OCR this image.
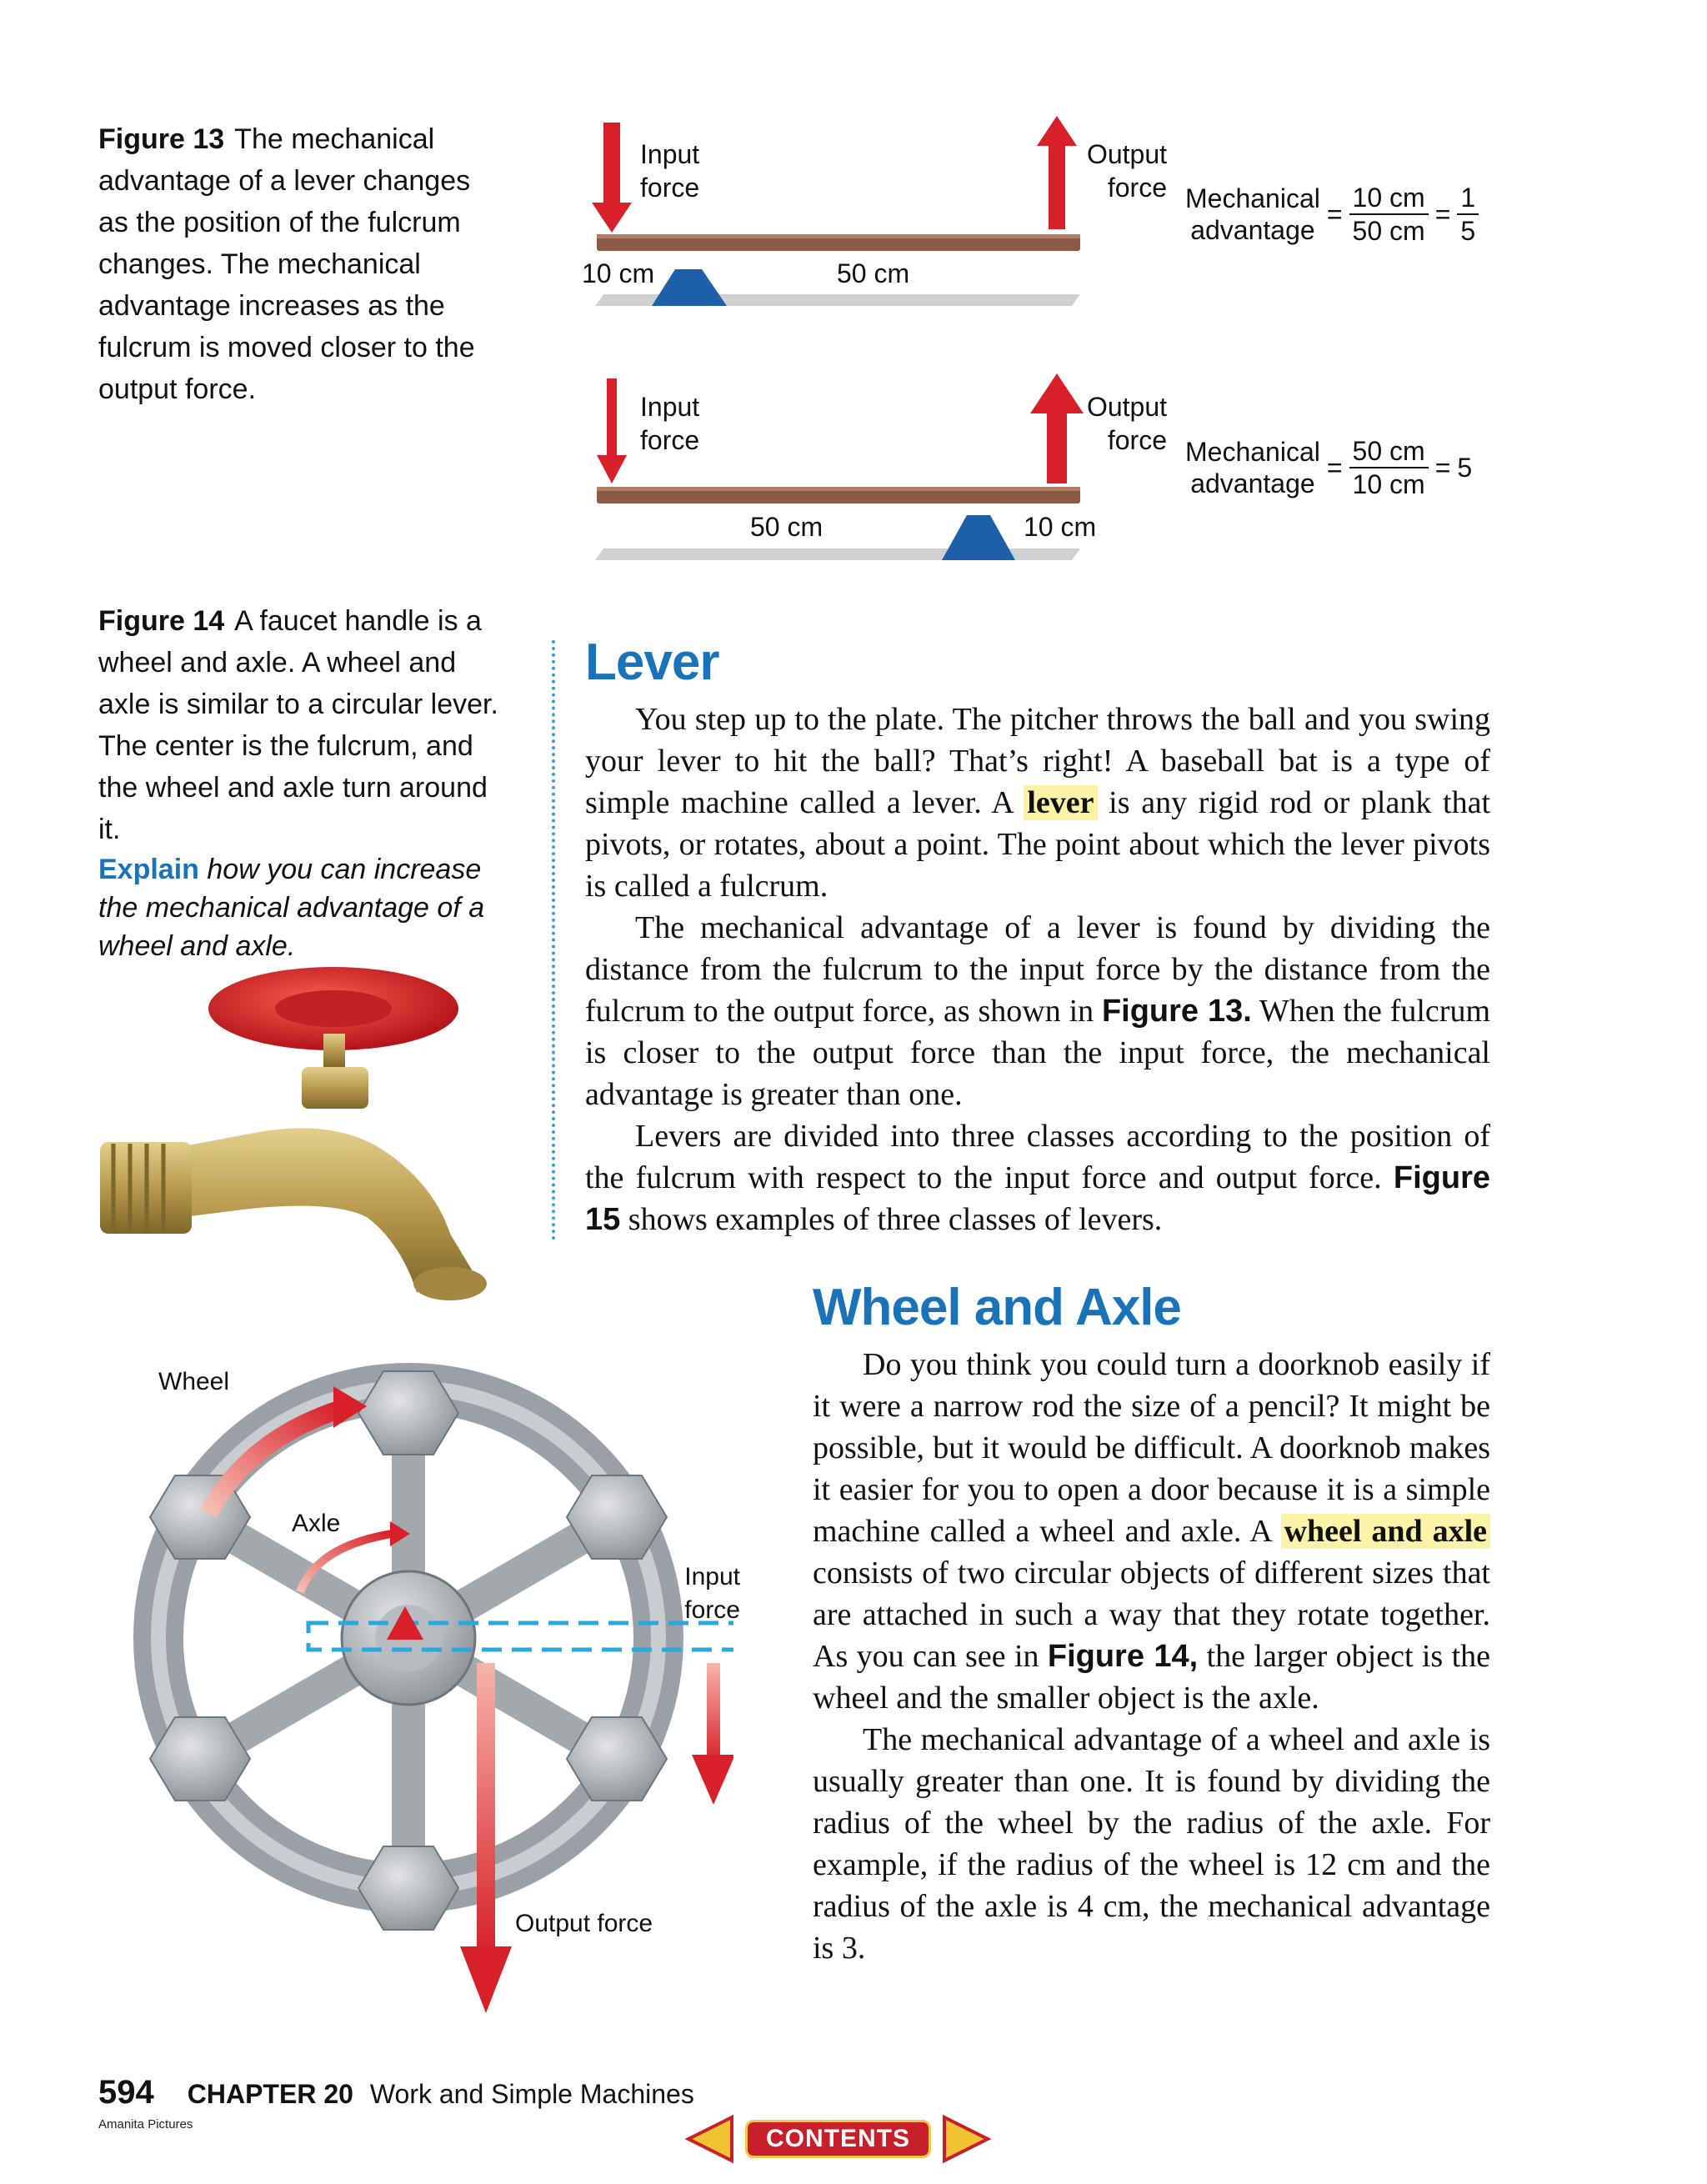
Figure 13 The mechanical advantage of a lever changes as the position of the fulcrum changes. The mechanical advantage increases as the fulcrum is moved closer to the output force.
Input
force
Output
force
10 cm	50 cm
Mechanical
advantage
= $\frac{10 cm}{50 cm} = \frac{1}{5}$
Input
force
Output
force
50 cm	10 cm
Mechanical
advantage
= $\frac{50 cm}{10 cm} = 5$
Figure 14 A faucet handle is a wheel and axle. A wheel and axle is similar to a circular lever. The center is the fulcrum, and the wheel and axle turn around it.
Explain how you can increase the mechanical advantage of a wheel and axle.
Wheel
Axle
Input
force
Output force
Lever

You step up to the plate. The pitcher throws the ball and you swing your lever to hit the ball? That’s right! A baseball bat is a type of simple machine called a lever. A lever is any rigid rod or plank that pivots, or rotates, about a point. The point about which the lever pivots is called a fulcrum.

The mechanical advantage of a lever is found by dividing the distance from the fulcrum to the input force by the distance from the fulcrum to the output force, as shown in Figure 13. When the fulcrum is closer to the output force than the input force, the mechanical advantage is greater than one.

Levers are divided into three classes according to the position of the fulcrum with respect to the input force and output force. Figure 15 shows examples of three classes of levers.

Wheel and Axle

Do you think you could turn a doorknob easily if it were a narrow rod the size of a pencil? It might be possible, but it would be difficult. A doorknob makes it easier for you to open a door because it is a simple machine called a wheel and axle. A wheel and axle consists of two circular objects of different sizes that are attached in such a way that they rotate together. As you can see in Figure 14, the larger object is the wheel and the smaller object is the axle.

The mechanical advantage of a wheel and axle is usually greater than one. It is found by dividing the radius of the wheel by the radius of the axle. For example, if the radius of the wheel is 12 cm and the radius of the axle is 4 cm, the mechanical advantage is 3.

594 CHAPTER 20 Work and Simple Machines
Amanita Pictures
CONTENTS
